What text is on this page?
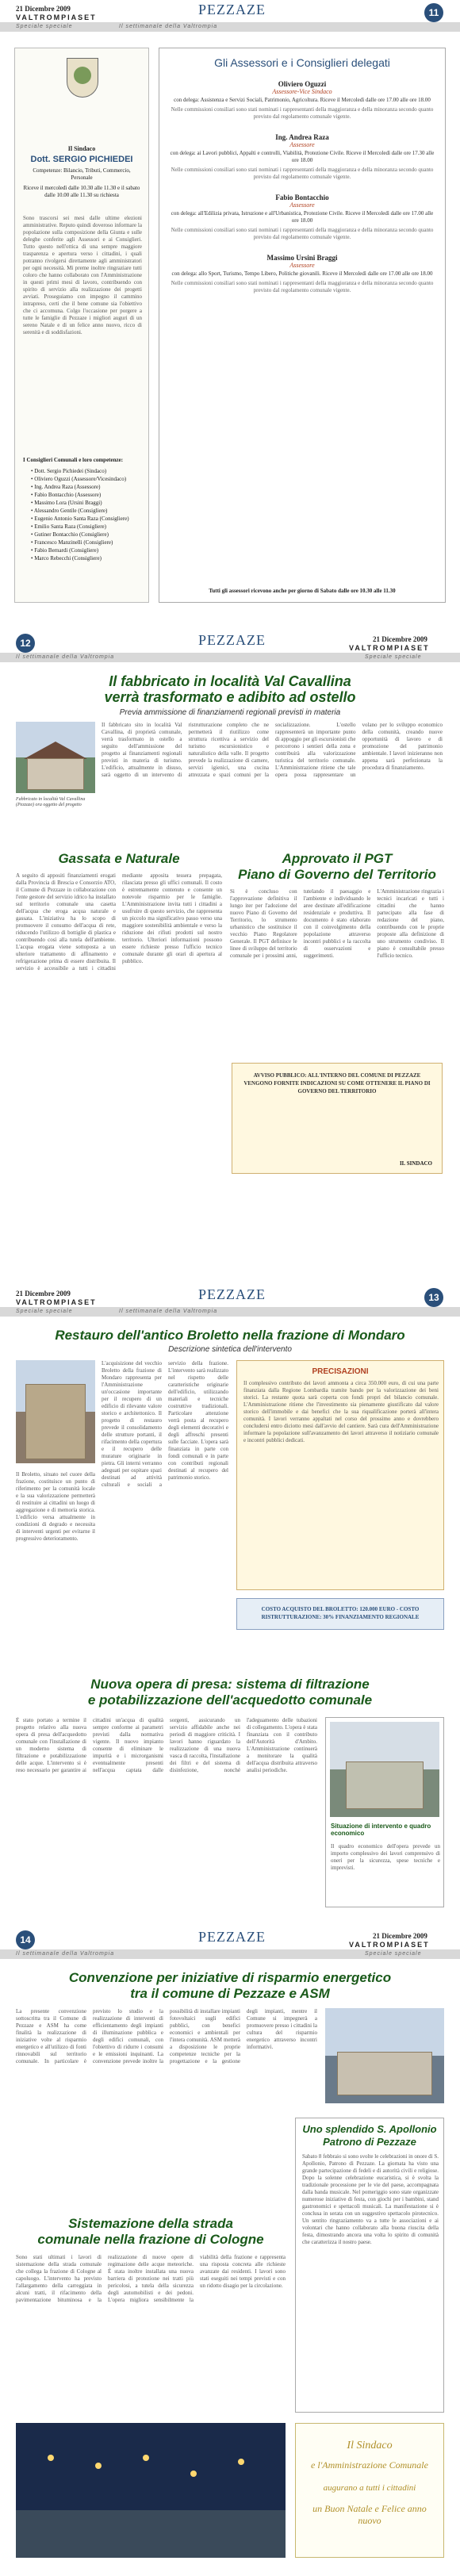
21 Dicembre 2009
VALTROMPIASET	PEZZAZE	11
Speciale speciale	Il settimanale della Valtrompia
Il Sindaco
Dott. SERGIO PICHIEDEI
Competenze: Bilancio, Tributi, Commercio, Personale
Riceve il mercoledì dalle 10.30 alle 11.30 e il sabato dalle 10.00 alle 11.30 su richiesta
Sono trascorsi sei mesi dalle ultime elezioni amministrative. Reputo quindi doveroso informare la popolazione sulla composizione della Giunta e sulle deleghe conferite agli Assessori e ai Consiglieri. Tutto questo nell'ottica di una sempre maggiore trasparenza e apertura verso i cittadini, i quali potranno rivolgersi direttamente agli amministratori per ogni necessità. Mi preme inoltre ringraziare tutti coloro che hanno collaborato con l'Amministrazione in questi primi mesi di lavoro, contribuendo con spirito di servizio alla realizzazione dei progetti avviati. Proseguiamo con impegno il cammino intrapreso, certi che il bene comune sia l'obiettivo che ci accomuna. Colgo l'occasione per porgere a tutte le famiglie di Pezzaze i migliori auguri di un sereno Natale e di un felice anno nuovo, ricco di serenità e di soddisfazioni.
I Consiglieri Comunali e loro competenze:
• Dott. Sergio Pichiedei (Sindaco)
• Oliviero Oguzzi (Assessore/Vicesindaco)
• Ing. Andrea Raza (Assessore)
• Fabio Bontacchio (Assessore)
• Massimo Lora (Ursini Braggi)
• Alessandro Gentile (Consigliere)
• Eugenio Antonio Santa Raza (Consigliere)
• Emilio Santa Raza (Consigliere)
• Gutiner Bontacchio (Consigliere)
• Francesco Manzinelli (Consigliere)
• Fabio Bernardi (Consigliere)
• Marco Rebecchi (Consigliere)
Gli Assessori e i Consiglieri delegati
Oliviero Oguzzi
Assessore-Vice Sindaco
con delega: Assistenza e Servizi Sociali, Patrimonio, Agricoltura. Riceve il Mercoledì dalle ore 17.00 alle ore 18.00
Nelle commissioni consiliari sono stati nominati i rappresentanti della maggioranza e della minoranza secondo quanto previsto dal regolamento comunale vigente.
Ing. Andrea Raza
Assessore
con delega: ai Lavori pubblici, Appalti e controlli, Viabilità, Protezione Civile. Riceve il Mercoledì dalle ore 17.30 alle ore 18.00
Nelle commissioni consiliari sono stati nominati i rappresentanti della maggioranza e della minoranza secondo quanto previsto dal regolamento comunale vigente.
Fabio Bontacchio
Assessore
con delega: all'Edilizia privata, Istruzione e all'Urbanistica, Protezione Civile. Riceve il Mercoledì dalle ore 17.00 alle ore 18.00
Nelle commissioni consiliari sono stati nominati i rappresentanti della maggioranza e della minoranza secondo quanto previsto dal regolamento comunale vigente.
Massimo Ursini Braggi
Assessore
con delega: allo Sport, Turismo, Tempo Libero, Politiche giovanili. Riceve il Mercoledì dalle ore 17.00 alle ore 18.00
Nelle commissioni consiliari sono stati nominati i rappresentanti della maggioranza e della minoranza secondo quanto previsto dal regolamento comunale vigente.
Tutti gli assessori ricevono anche per giorno di Sabato dalle ore 10.30 alle 11.30
12	VALTROMPIASET
PEZZAZE	21 Dicembre 2009
Il settimanale della Valtrompia	Speciale speciale
Il fabbricato in località Val Cavallina
verrà trasformato e adibito ad ostello
Previa ammissione di finanziamenti regionali previsti in materia
Fabbricato in località Val Cavallina (Pezzaze) ora oggetto del progetto
Il fabbricato sito in località Val Cavallina, di proprietà comunale, verrà trasformato in ostello a seguito dell'ammissione del progetto ai finanziamenti regionali previsti in materia di turismo. L'edificio, attualmente in disuso, sarà oggetto di un intervento di ristrutturazione completo che ne permetterà il riutilizzo come struttura ricettiva a servizio del turismo escursionistico e naturalistico della valle. Il progetto prevede la realizzazione di camere, servizi igienici, una cucina attrezzata e spazi comuni per la socializzazione. L'ostello rappresenterà un importante punto di appoggio per gli escursionisti che percorrono i sentieri della zona e contribuirà alla valorizzazione turistica del territorio comunale. L'Amministrazione ritiene che tale opera possa rappresentare un volano per lo sviluppo economico della comunità, creando nuove opportunità di lavoro e di promozione del patrimonio ambientale. I lavori inizieranno non appena sarà perfezionata la procedura di finanziamento.
Gassata e Naturale
A seguito di appositi finanziamenti erogati dalla Provincia di Brescia e Consorzio ATO, il Comune di Pezzaze in collaborazione con l'ente gestore del servizio idrico ha installato sul territorio comunale una casetta dell'acqua che eroga acqua naturale e gassata. L'iniziativa ha lo scopo di promuovere il consumo dell'acqua di rete, riducendo l'utilizzo di bottiglie di plastica e contribuendo così alla tutela dell'ambiente. L'acqua erogata viene sottoposta a un ulteriore trattamento di affinamento e refrigerazione prima di essere distribuita. Il servizio è accessibile a tutti i cittadini mediante apposita tessera prepagata, rilasciata presso gli uffici comunali. Il costo è estremamente contenuto e consente un notevole risparmio per le famiglie. L'Amministrazione invita tutti i cittadini a usufruire di questo servizio, che rappresenta un piccolo ma significativo passo verso una maggiore sostenibilità ambientale e verso la riduzione dei rifiuti prodotti sul nostro territorio. Ulteriori informazioni possono essere richieste presso l'ufficio tecnico comunale durante gli orari di apertura al pubblico.
Approvato il PGT
Piano di Governo del Territorio
Si è concluso con l'approvazione definitiva il lungo iter per l'adozione del nuovo Piano di Governo del Territorio, lo strumento urbanistico che sostituisce il vecchio Piano Regolatore Generale. Il PGT definisce le linee di sviluppo del territorio comunale per i prossimi anni, tutelando il paesaggio e l'ambiente e individuando le aree destinate all'edificazione residenziale e produttiva. Il documento è stato elaborato con il coinvolgimento della popolazione attraverso incontri pubblici e la raccolta di osservazioni e suggerimenti. L'Amministrazione ringrazia i tecnici incaricati e tutti i cittadini che hanno partecipato alla fase di redazione del piano, contribuendo con le proprie proposte alla definizione di uno strumento condiviso. Il piano è consultabile presso l'ufficio tecnico.
AVVISO PUBBLICO: ALL'INTERNO DEL COMUNE DI PEZZAZE VENGONO FORNITE INDICAZIONI SU COME OTTENERE IL PIANO DI GOVERNO DEL TERRITORIO
IL SINDACO
21 Dicembre 2009
VALTROMPIASET	PEZZAZE	13
Speciale speciale	Il settimanale della Valtrompia
Restauro dell'antico Broletto nella frazione di Mondaro
Descrizione sintetica dell'intervento
L'acquisizione del vecchio Broletto della frazione di Mondaro rappresenta per l'Amministrazione un'occasione importante per il recupero di un edificio di rilevante valore storico e architettonico. Il progetto di restauro prevede il consolidamento delle strutture portanti, il rifacimento della copertura e il recupero delle murature originarie in pietra. Gli interni verranno adeguati per ospitare spazi destinati ad attività culturali e sociali a servizio della frazione. L'intervento sarà realizzato nel rispetto delle caratteristiche originarie dell'edificio, utilizzando materiali e tecniche costruttive tradizionali. Particolare attenzione verrà posta al recupero degli elementi decorativi e degli affreschi presenti sulle facciate. L'opera sarà finanziata in parte con fondi comunali e in parte con contributi regionali destinati al recupero del patrimonio storico.
Il Broletto, situato nel cuore della frazione, costituisce un punto di riferimento per la comunità locale e la sua valorizzazione permetterà di restituire ai cittadini un luogo di aggregazione e di memoria storica. L'edificio versa attualmente in condizioni di degrado e necessita di interventi urgenti per evitarne il progressivo deterioramento.
PRECISAZIONI
Il complessivo contributo dei lavori ammonta a circa 350.000 euro, di cui una parte finanziata dalla Regione Lombardia tramite bando per la valorizzazione dei beni storici. La restante quota sarà coperta con fondi propri del bilancio comunale. L'Amministrazione ritiene che l'investimento sia pienamente giustificato dal valore storico dell'immobile e dai benefici che la sua riqualificazione porterà all'intera comunità. I lavori verranno appaltati nel corso del prossimo anno e dovrebbero concludersi entro diciotto mesi dall'avvio del cantiere. Sarà cura dell'Amministrazione informare la popolazione sull'avanzamento dei lavori attraverso il notiziario comunale e incontri pubblici dedicati.
COSTO ACQUISTO DEL BROLETTO: 120.000 EURO - COSTO RISTRUTTURAZIONE: 30% FINANZIAMENTO REGIONALE
Nuova opera di presa: sistema di filtrazione
e potabilizzazione dell'acquedotto comunale
È stato portato a termine il progetto relativo alla nuova opera di presa dell'acquedotto comunale con l'installazione di un moderno sistema di filtrazione e potabilizzazione delle acque. L'intervento si è reso necessario per garantire ai cittadini un'acqua di qualità sempre conforme ai parametri previsti dalla normativa vigente. Il nuovo impianto consente di eliminare le impurità e i microrganismi eventualmente presenti nell'acqua captata dalle sorgenti, assicurando un servizio affidabile anche nei periodi di maggiore criticità. I lavori hanno riguardato la realizzazione di una nuova vasca di raccolta, l'installazione dei filtri e del sistema di disinfezione, nonché l'adeguamento delle tubazioni di collegamento. L'opera è stata finanziata con il contributo dell'Autorità d'Ambito. L'Amministrazione continuerà a monitorare la qualità dell'acqua distribuita attraverso analisi periodiche.
Situazione di intervento e quadro economico
Il quadro economico dell'opera prevede un importo complessivo dei lavori comprensivo di oneri per la sicurezza, spese tecniche e imprevisti.
14	VALTROMPIASET
PEZZAZE	21 Dicembre 2009
Il settimanale della Valtrompia	Speciale speciale
Convenzione per iniziative di risparmio energetico
tra il comune di Pezzaze e ASM
La presente convenzione sottoscritta tra il Comune di Pezzaze e ASM ha come finalità la realizzazione di iniziative volte al risparmio energetico e all'utilizzo di fonti rinnovabili sul territorio comunale. In particolare è previsto lo studio e la realizzazione di interventi di efficientamento degli impianti di illuminazione pubblica e degli edifici comunali, con l'obiettivo di ridurre i consumi e le emissioni inquinanti. La convenzione prevede inoltre la possibilità di installare impianti fotovoltaici sugli edifici pubblici, con benefici economici e ambientali per l'intera comunità. ASM metterà a disposizione le proprie competenze tecniche per la progettazione e la gestione degli impianti, mentre il Comune si impegnerà a promuovere presso i cittadini la cultura del risparmio energetico attraverso incontri informativi.
Sistemazione della strada
comunale nella frazione di Cologne
Sono stati ultimati i lavori di sistemazione della strada comunale che collega la frazione di Cologne al capoluogo. L'intervento ha previsto l'allargamento della carreggiata in alcuni tratti, il rifacimento della pavimentazione bituminosa e la realizzazione di nuove opere di regimazione delle acque meteoriche. È stata inoltre installata una nuova barriera di protezione nei tratti più pericolosi, a tutela della sicurezza degli automobilisti e dei pedoni. L'opera migliora sensibilmente la viabilità della frazione e rappresenta una risposta concreta alle richieste avanzate dai residenti. I lavori sono stati eseguiti nei tempi previsti e con un ridotto disagio per la circolazione.
Uno splendido S. Apollonio
Patrono di Pezzaze
Sabato 8 febbraio si sono svolte le celebrazioni in onore di S. Apollonio, Patrono di Pezzaze. La giornata ha visto una grande partecipazione di fedeli e di autorità civili e religiose. Dopo la solenne celebrazione eucaristica, si è svolta la tradizionale processione per le vie del paese, accompagnata dalla banda musicale. Nel pomeriggio sono state organizzate numerose iniziative di festa, con giochi per i bambini, stand gastronomici e spettacoli musicali. La manifestazione si è conclusa in serata con un suggestivo spettacolo pirotecnico. Un sentito ringraziamento va a tutte le associazioni e ai volontari che hanno collaborato alla buona riuscita della festa, dimostrando ancora una volta lo spirito di comunità che caratterizza il nostro paese.
Il Sindaco
e l'Amministrazione Comunale
augurano a tutti i cittadini
un Buon Natale e Felice anno nuovo
